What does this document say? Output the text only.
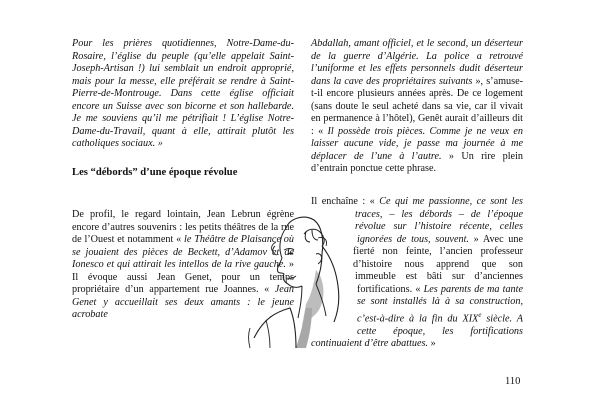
Pour les prières quotidiennes, Notre-Dame-du-Rosaire, l’église du peuple (qu’elle appelait Saint-Joseph-Artisan !) lui semblait un endroit approprié, mais pour la messe, elle préférait se rendre à Saint-Pierre-de-Montrouge. Dans cette église officiait encore un Suisse avec son bicorne et son hallebarde. Je me souviens qu’il me pétrifiait ! L’église Notre-Dame-du-Travail, quant à elle, attirait plutôt les catholiques sociaux. »

Les “débords” d’une époque révolue

De profil, le regard lointain, Jean Lebrun égrène encore d’autres souvenirs : les petits théâtres de la rue de l’Ouest et notamment « le Théâtre de Plaisance où se jouaient des pièces de Beckett, d’Adamov et de Ionesco et qui attirait les intellos de la rive gauche. » Il évoque aussi Jean Genet, pour un temps propriétaire d’un appartement rue Joannes. « Jean Genet y accueillait ses deux amants : le jeune acrobate

Abdallah, amant officiel, et le second, un déserteur de la guerre d’Algérie. La police a retrouvé l’uniforme et les effets personnels dudit déserteur dans la cave des propriétaires suivants », s’amuse-t-il encore plusieurs années après. De ce logement (sans doute le seul acheté dans sa vie, car il vivait en permanence à l’hôtel), Genêt aurait d’ailleurs dit : « Il possède trois pièces. Comme je ne veux en laisser aucune vide, je passe ma journée à me déplacer de l’une à l’autre. » Un rire plein d’entrain ponctue cette phrase.

Il enchaîne : « Ce qui me passionne, ce sont les traces, – les débords – de l’époque révolue sur l’histoire récente, celles ignorées de tous, souvent. » Avec une fierté non feinte, l’ancien professeur d’histoire nous apprend que son immeuble est bâti sur d’anciennes fortifications. « Les parents de ma tante se sont installés là à sa construction, c’est-à-dire à la fin du XIXe siècle. A cette époque, les fortifications continuaient d’être abattues. »
110
